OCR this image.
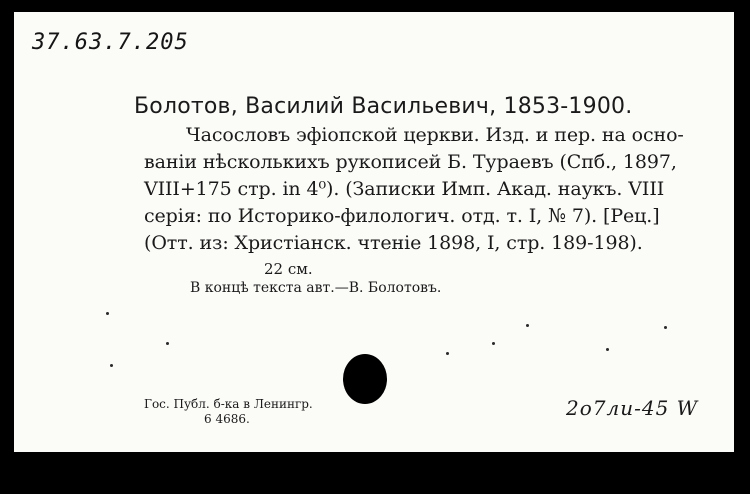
37.63.7.205
Болотов, Василий Васильевич, 1853-1900.
Часословъ эфiопской церкви. Изд. и пер. на осно-
ванiи нѣсколькихъ рукописей Б. Тураевъ (Спб., 1897,
VIII+175 стр. in 4⁰). (Записки Имп. Акад. наукъ. VIII
серiя: по Историко-филологич. отд. т. I, № 7). [Рец.]
(Отт. из: Христiанск. чтенiе 1898, I, стр. 189-198).
22 см.
В концѣ текста авт.—В. Болотовъ.
Гос. Публ. б-ка в Ленингр.
6 4686.	2o7лu-45 W
